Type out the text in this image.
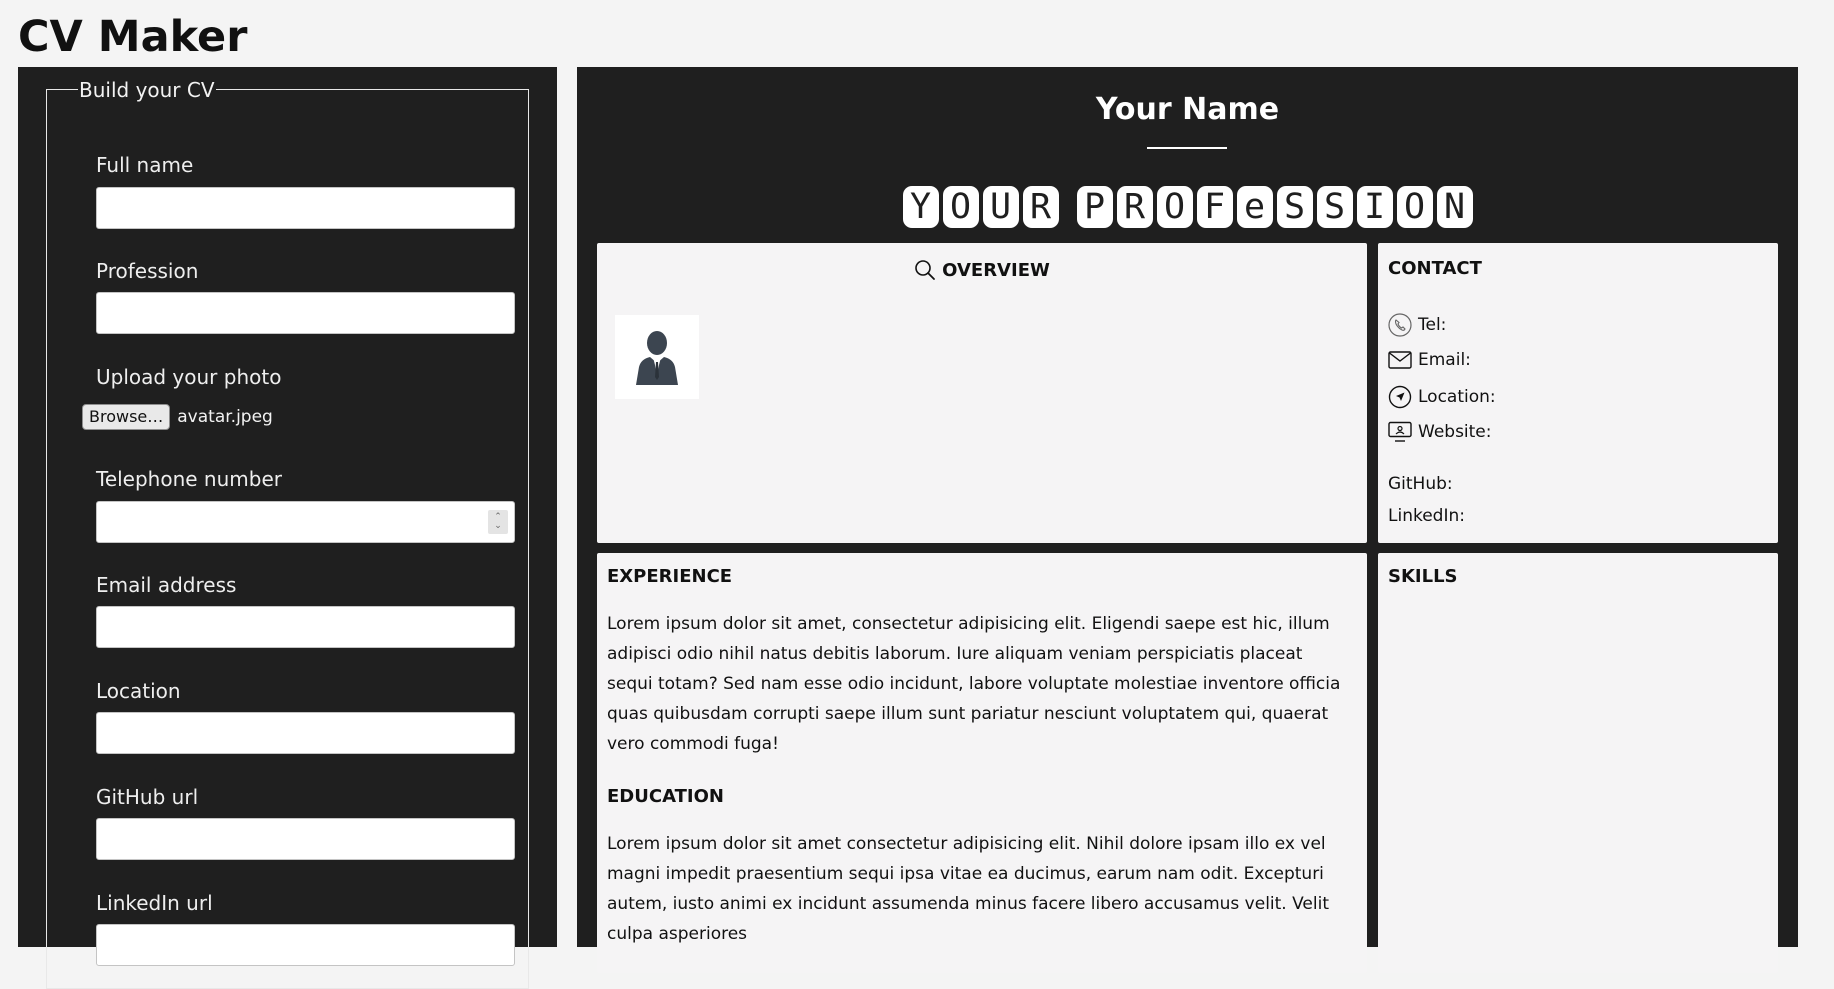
CV Maker
Build your CV
Full name
Profession
Upload your photo
Browse… avatar.jpeg
Telephone number
⌃
⌄
Email address
Location
GitHub url
LinkedIn url
Your Name
Y O U R P R O F e S S I O N
OVERVIEW	CONTACT
Tel:
Email:
Location:
Website:
GitHub:
LinkedIn:
EXPERIENCE

Lorem ipsum dolor sit amet, consectetur adipisicing elit. Eligendi saepe est hic, illum adipisci odio nihil natus debitis laborum. Iure aliquam veniam perspiciatis placeat sequi totam? Sed nam esse odio incidunt, labore voluptate molestiae inventore officia quas quibusdam corrupti saepe illum sunt pariatur nesciunt voluptatem qui, quaerat vero commodi fuga!

EDUCATION

Lorem ipsum dolor sit amet consectetur adipisicing elit. Nihil dolore ipsam illo ex vel magni impedit praesentium sequi ipsa vitae ea ducimus, earum nam odit. Excepturi autem, iusto animi ex incidunt assumenda minus facere libero accusamus velit. Velit culpa asperiores

SKILLS
